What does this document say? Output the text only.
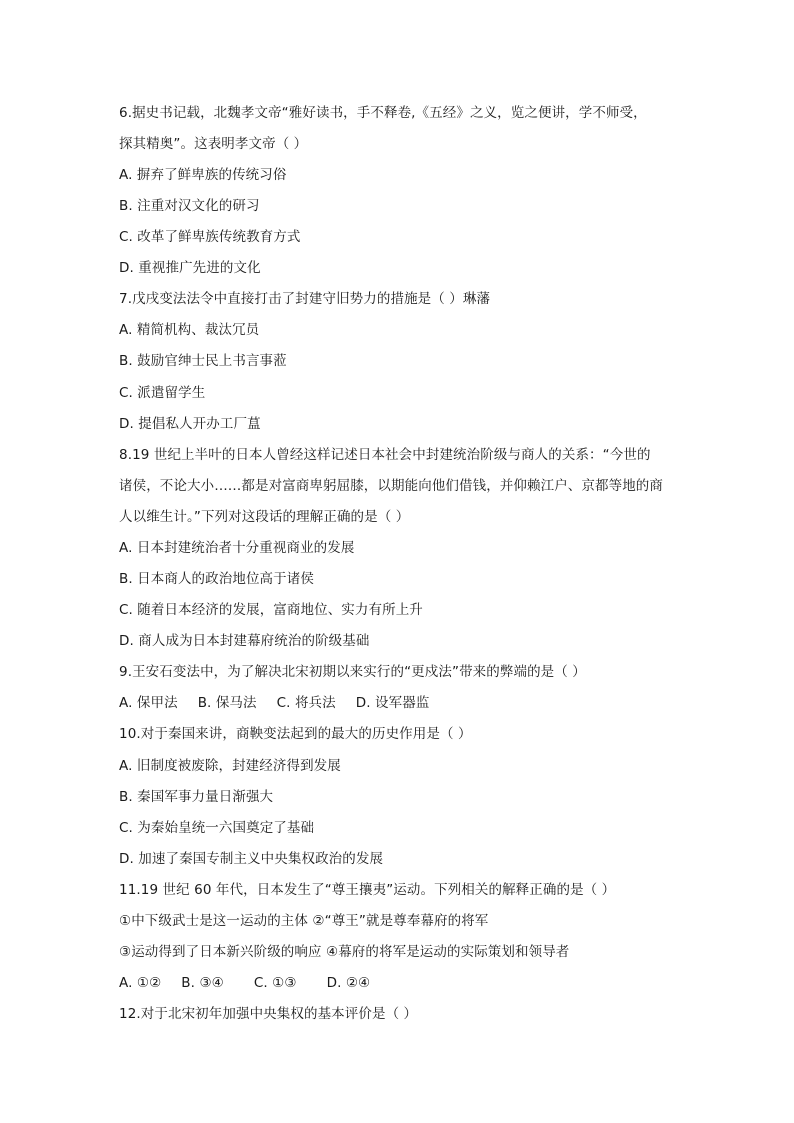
6.据史书记载，北魏孝文帝“雅好读书，手不释卷,《五经》之义，览之便讲，学不师受，
探其精奥”。这表明孝文帝（ ）
A. 摒弃了鲜卑族的传统习俗
B. 注重对汉文化的研习
C. 改革了鲜卑族传统教育方式
D. 重视推广先进的文化
7.戊戌变法法令中直接打击了封建守旧势力的措施是（ ）琳藩
A. 精简机构、裁汰冗员
B. 鼓励官绅士民上书言事蒞
C. 派遣留学生
D. 提倡私人开办工厂蒀
8.19 世纪上半叶的日本人曾经这样记述日本社会中封建统治阶级与商人的关系：“今世的
诸侯，不论大小……都是对富商卑躬屈膝，以期能向他们借钱，并仰赖江户、京都等地的商
人以维生计。”下列对这段话的理解正确的是（ ）
A. 日本封建统治者十分重视商业的发展
B. 日本商人的政治地位高于诸侯
C. 随着日本经济的发展，富商地位、实力有所上升
D. 商人成为日本封建幕府统治的阶级基础
9.王安石变法中，为了解决北宋初期以来实行的“更戍法”带来的弊端的是（ ）
A. 保甲法 B. 保马法 C. 将兵法 D. 设军器监
10.对于秦国来讲，商鞅变法起到的最大的历史作用是（ ）
A. 旧制度被废除，封建经济得到发展
B. 秦国军事力量日渐强大
C. 为秦始皇统一六国奠定了基础
D. 加速了秦国专制主义中央集权政治的发展
11.19 世纪 60 年代，日本发生了“尊王攘夷”运动。下列相关的解释正确的是（ ）
①中下级武士是这一运动的主体 ②“尊王”就是尊奉幕府的将军
③运动得到了日本新兴阶级的响应 ④幕府的将军是运动的实际策划和领导者
A. ①② B. ③④ C. ①③ D. ②④
12.对于北宋初年加强中央集权的基本评价是（ ）
